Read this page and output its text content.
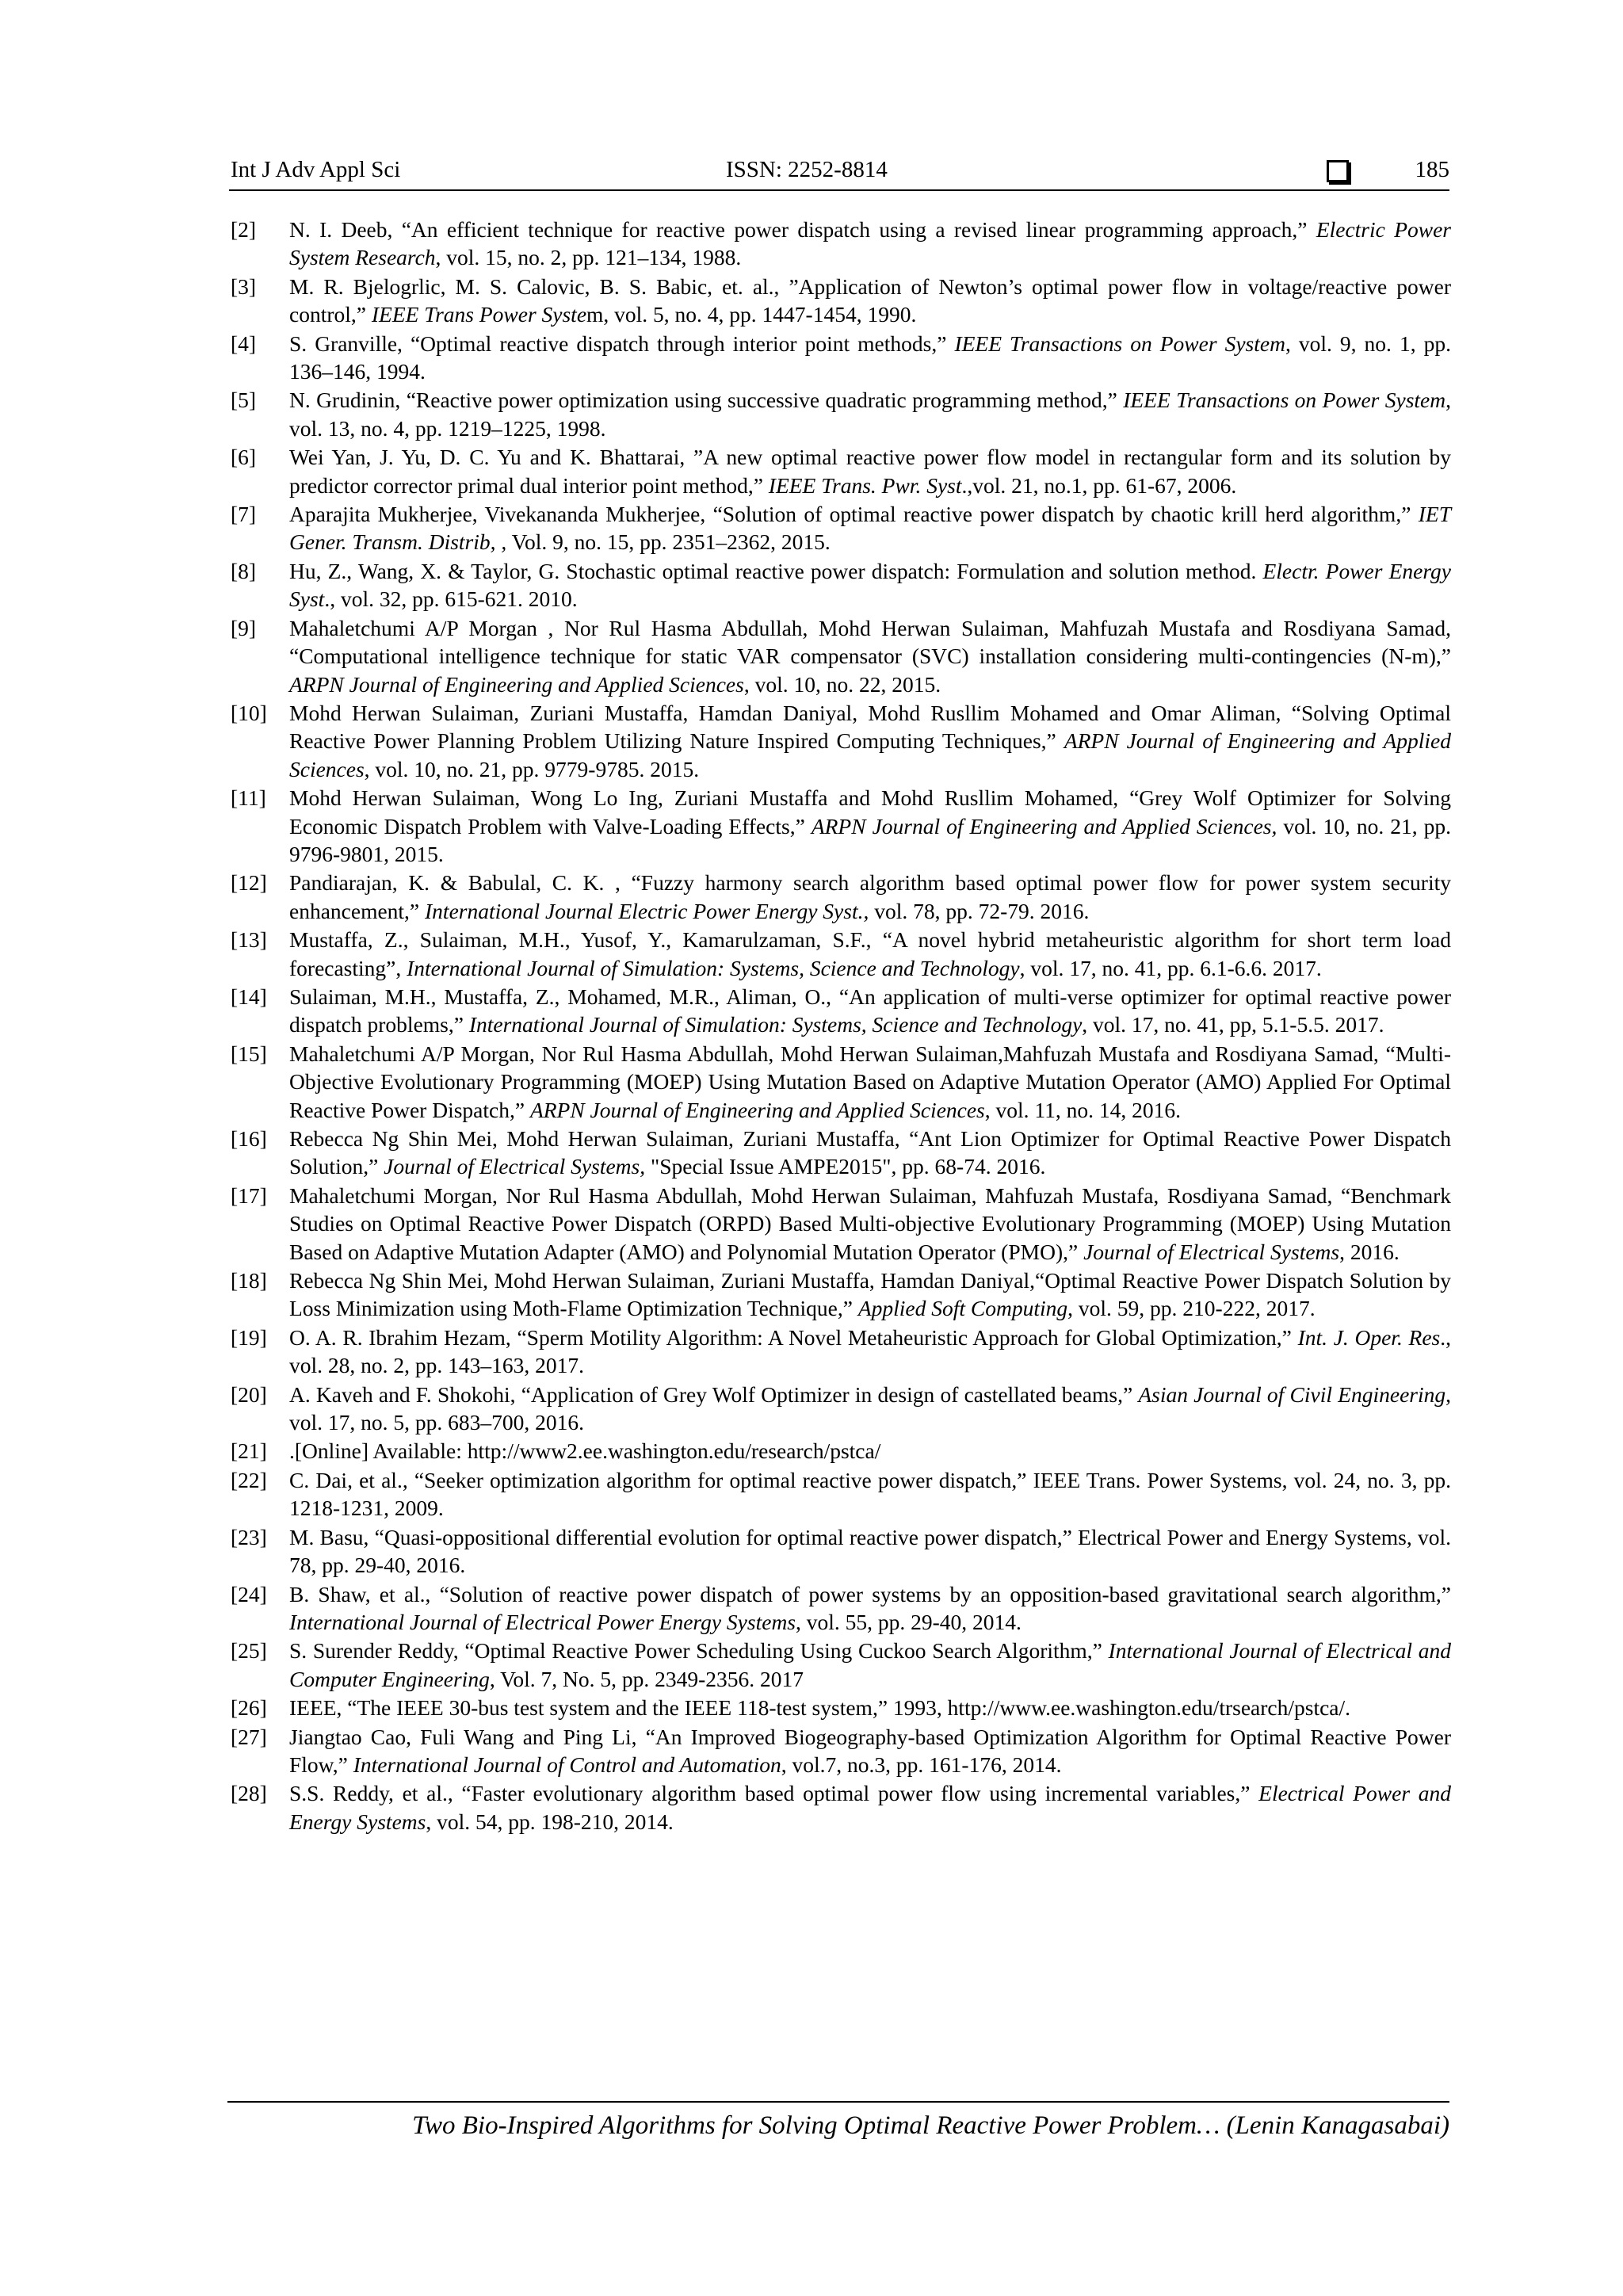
Int J Adv Appl Sci	ISSN: 2252-8814	185
[2] N. I. Deeb, “An efficient technique for reactive power dispatch using a revised linear programming approach,” Electric Power System Research, vol. 15, no. 2, pp. 121–134, 1988.
[3] M. R. Bjelogrlic, M. S. Calovic, B. S. Babic, et. al., ”Application of Newton’s optimal power flow in voltage/reactive power control,” IEEE Trans Power System, vol. 5, no. 4, pp. 1447-1454, 1990.
[4] S. Granville, “Optimal reactive dispatch through interior point methods,” IEEE Transactions on Power System, vol. 9, no. 1, pp. 136–146, 1994.
[5] N. Grudinin, “Reactive power optimization using successive quadratic programming method,” IEEE Transactions on Power System, vol. 13, no. 4, pp. 1219–1225, 1998.
[6] Wei Yan, J. Yu, D. C. Yu and K. Bhattarai, ”A new optimal reactive power flow model in rectangular form and its solution by predictor corrector primal dual interior point method,” IEEE Trans. Pwr. Syst.,vol. 21, no.1, pp. 61-67, 2006.
[7] Aparajita Mukherjee, Vivekananda Mukherjee, “Solution of optimal reactive power dispatch by chaotic krill herd algorithm,” IET Gener. Transm. Distrib, , Vol. 9, no. 15, pp. 2351–2362, 2015.
[8] Hu, Z., Wang, X. & Taylor, G. Stochastic optimal reactive power dispatch: Formulation and solution method. Electr. Power Energy Syst., vol. 32, pp. 615-621. 2010.
[9] Mahaletchumi A/P Morgan , Nor Rul Hasma Abdullah, Mohd Herwan Sulaiman, Mahfuzah Mustafa and Rosdiyana Samad, “Computational intelligence technique for static VAR compensator (SVC) installation considering multi-contingencies (N-m),” ARPN Journal of Engineering and Applied Sciences, vol. 10, no. 22, 2015.
[10] Mohd Herwan Sulaiman, Zuriani Mustaffa, Hamdan Daniyal, Mohd Rusllim Mohamed and Omar Aliman, “Solving Optimal Reactive Power Planning Problem Utilizing Nature Inspired Computing Techniques,” ARPN Journal of Engineering and Applied Sciences, vol. 10, no. 21, pp. 9779-9785. 2015.
[11] Mohd Herwan Sulaiman, Wong Lo Ing, Zuriani Mustaffa and Mohd Rusllim Mohamed, “Grey Wolf Optimizer for Solving Economic Dispatch Problem with Valve-Loading Effects,” ARPN Journal of Engineering and Applied Sciences, vol. 10, no. 21, pp. 9796-9801, 2015.
[12] Pandiarajan, K. & Babulal, C. K. , “Fuzzy harmony search algorithm based optimal power flow for power system security enhancement,” International Journal Electric Power Energy Syst., vol. 78, pp. 72-79. 2016.
[13] Mustaffa, Z., Sulaiman, M.H., Yusof, Y., Kamarulzaman, S.F., “A novel hybrid metaheuristic algorithm for short term load forecasting”, International Journal of Simulation: Systems, Science and Technology, vol. 17, no. 41, pp. 6.1-6.6. 2017.
[14] Sulaiman, M.H., Mustaffa, Z., Mohamed, M.R., Aliman, O., “An application of multi-verse optimizer for optimal reactive power dispatch problems,” International Journal of Simulation: Systems, Science and Technology, vol. 17, no. 41, pp, 5.1-5.5. 2017.
[15] Mahaletchumi A/P Morgan, Nor Rul Hasma Abdullah, Mohd Herwan Sulaiman,Mahfuzah Mustafa and Rosdiyana Samad, “Multi-Objective Evolutionary Programming (MOEP) Using Mutation Based on Adaptive Mutation Operator (AMO) Applied For Optimal Reactive Power Dispatch,” ARPN Journal of Engineering and Applied Sciences, vol. 11, no. 14, 2016.
[16] Rebecca Ng Shin Mei, Mohd Herwan Sulaiman, Zuriani Mustaffa, “Ant Lion Optimizer for Optimal Reactive Power Dispatch Solution,” Journal of Electrical Systems, "Special Issue AMPE2015", pp. 68-74. 2016.
[17] Mahaletchumi Morgan, Nor Rul Hasma Abdullah, Mohd Herwan Sulaiman, Mahfuzah Mustafa, Rosdiyana Samad, “Benchmark Studies on Optimal Reactive Power Dispatch (ORPD) Based Multi-objective Evolutionary Programming (MOEP) Using Mutation Based on Adaptive Mutation Adapter (AMO) and Polynomial Mutation Operator (PMO),” Journal of Electrical Systems, 2016.
[18] Rebecca Ng Shin Mei, Mohd Herwan Sulaiman, Zuriani Mustaffa, Hamdan Daniyal,“Optimal Reactive Power Dispatch Solution by Loss Minimization using Moth-Flame Optimization Technique,” Applied Soft Computing, vol. 59, pp. 210-222, 2017.
[19] O. A. R. Ibrahim Hezam, “Sperm Motility Algorithm: A Novel Metaheuristic Approach for Global Optimization,” Int. J. Oper. Res., vol. 28, no. 2, pp. 143–163, 2017.
[20] A. Kaveh and F. Shokohi, “Application of Grey Wolf Optimizer in design of castellated beams,” Asian Journal of Civil Engineering, vol. 17, no. 5, pp. 683–700, 2016.
[21] .[Online] Available: http://www2.ee.washington.edu/research/pstca/
[22] C. Dai, et al., “Seeker optimization algorithm for optimal reactive power dispatch,” IEEE Trans. Power Systems, vol. 24, no. 3, pp. 1218-1231, 2009.
[23] M. Basu, “Quasi-oppositional differential evolution for optimal reactive power dispatch,” Electrical Power and Energy Systems, vol. 78, pp. 29-40, 2016.
[24] B. Shaw, et al., “Solution of reactive power dispatch of power systems by an opposition-based gravitational search algorithm,” International Journal of Electrical Power Energy Systems, vol. 55, pp. 29-40, 2014.
[25] S. Surender Reddy, “Optimal Reactive Power Scheduling Using Cuckoo Search Algorithm,” International Journal of Electrical and Computer Engineering, Vol. 7, No. 5, pp. 2349-2356. 2017
[26] IEEE, “The IEEE 30-bus test system and the IEEE 118-test system,” 1993, http://www.ee.washington.edu/trsearch/pstca/.
[27] Jiangtao Cao, Fuli Wang and Ping Li, “An Improved Biogeography-based Optimization Algorithm for Optimal Reactive Power Flow,” International Journal of Control and Automation, vol.7, no.3, pp. 161-176, 2014.
[28] S.S. Reddy, et al., “Faster evolutionary algorithm based optimal power flow using incremental variables,” Electrical Power and Energy Systems, vol. 54, pp. 198-210, 2014.
Two Bio-Inspired Algorithms for Solving Optimal Reactive Power Problem… (Lenin Kanagasabai)
